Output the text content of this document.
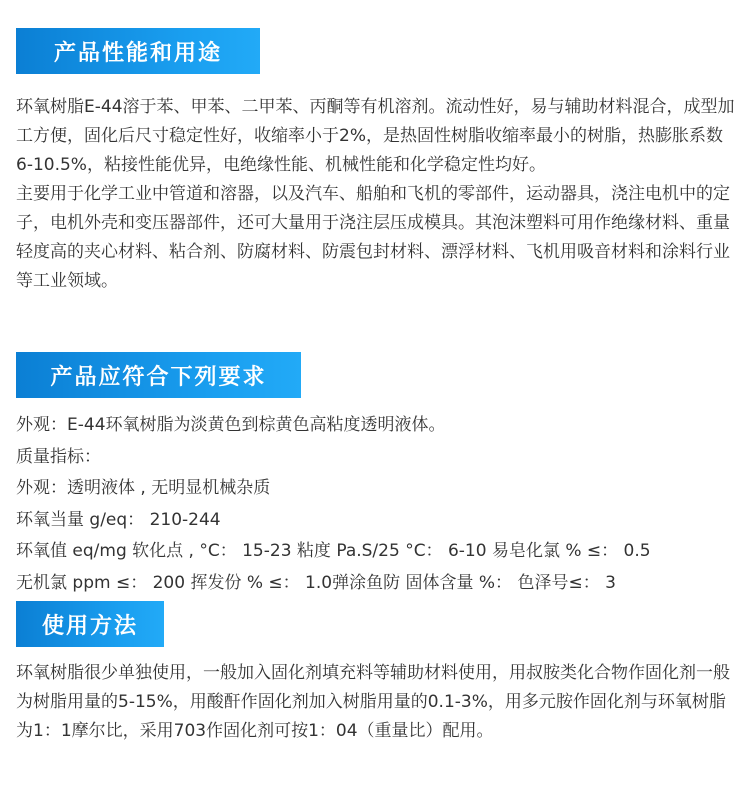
产品性能和用途

环氧树脂E-44溶于苯、甲苯、二甲苯、丙酮等有机溶剂。流动性好，易与辅助材料混合，成型加工方便，固化后尺寸稳定性好，收缩率小于2%，是热固性树脂收缩率最小的树脂，热膨胀系数6-10.5%，粘接性能优异，电绝缘性能、机械性能和化学稳定性均好。

主要用于化学工业中管道和溶器，以及汽车、船舶和飞机的零部件，运动器具，浇注电机中的定子，电机外壳和变压器部件，还可大量用于浇注层压成模具。其泡沫塑料可用作绝缘材料、重量轻度高的夹心材料、粘合剂、防腐材料、防震包封材料、漂浮材料、飞机用吸音材料和涂料行业等工业领域。

产品应符合下列要求
外观：E-44环氧树脂为淡黄色到棕黄色高粘度透明液体。
质量指标：
外观：透明液体 , 无明显机械杂质
环氧当量 g/eq： 210-244
环氧值 eq/mg 软化点 , °C： 15-23 粘度 Pa.S/25 °C： 6-10 易皂化氯 % ≤： 0.5
无机氯 ppm ≤： 200 挥发份 % ≤： 1.0弹涂鱼防 固体含量 %： 色泽号≤： 3
使用方法

环氧树脂很少单独使用，一般加入固化剂填充料等辅助材料使用，用叔胺类化合物作固化剂一般为树脂用量的5-15%，用酸酐作固化剂加入树脂用量的0.1-3%，用多元胺作固化剂与环氧树脂为1：1摩尔比，采用703作固化剂可按1：04（重量比）配用。
